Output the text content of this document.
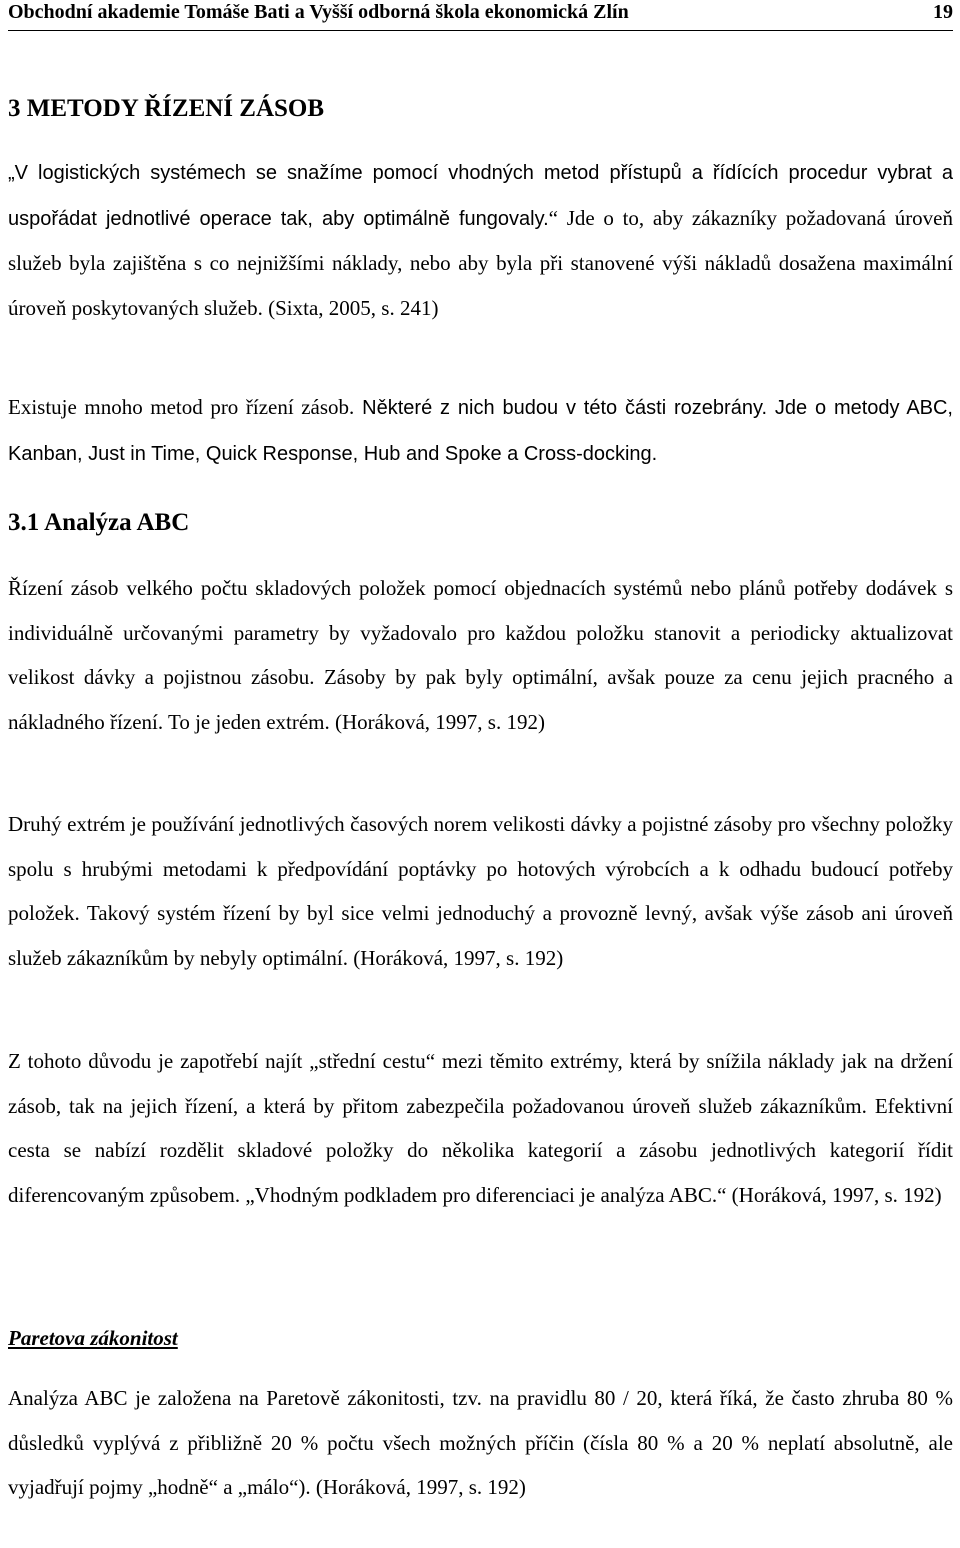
Obchodní akademie Tomáše Bati a Vyšší odborná škola ekonomická Zlín	19
3 METODY ŘÍZENÍ ZÁSOB

„V logistických systémech se snažíme pomocí vhodných metod přístupů a řídících procedur vybrat a uspořádat jednotlivé operace tak, aby optimálně fungovaly.“ Jde o to, aby zákazníky požadovaná úroveň služeb byla zajištěna s co nejnižšími náklady, nebo aby byla při stanovené výši nákladů dosažena maximální úroveň poskytovaných služeb. (Sixta, 2005, s. 241)

Existuje mnoho metod pro řízení zásob. Některé z nich budou v této části rozebrány. Jde o metody ABC, Kanban, Just in Time, Quick Response, Hub and Spoke a Cross-docking.

3.1 Analýza ABC

Řízení zásob velkého počtu skladových položek pomocí objednacích systémů nebo plánů potřeby dodávek s individuálně určovanými parametry by vyžadovalo pro každou položku stanovit a periodicky aktualizovat velikost dávky a pojistnou zásobu. Zásoby by pak byly optimální, avšak pouze za cenu jejich pracného a nákladného řízení. To je jeden extrém. (Horáková, 1997, s. 192)

Druhý extrém je používání jednotlivých časových norem velikosti dávky a pojistné zásoby pro všechny položky spolu s hrubými metodami k předpovídání poptávky po hotových výrobcích a k odhadu budoucí potřeby položek. Takový systém řízení by byl sice velmi jednoduchý a provozně levný, avšak výše zásob ani úroveň služeb zákazníkům by nebyly optimální. (Horáková, 1997, s. 192)

Z tohoto důvodu je zapotřebí najít „střední cestu“ mezi těmito extrémy, která by snížila náklady jak na držení zásob, tak na jejich řízení, a která by přitom zabezpečila požadovanou úroveň služeb zákazníkům. Efektivní cesta se nabízí rozdělit skladové položky do několika kategorií a zásobu jednotlivých kategorií řídit diferencovaným způsobem. „Vhodným podkladem pro diferenciaci je analýza ABC.“ (Horáková, 1997, s. 192)

Paretova zákonitost

Analýza ABC je založena na Paretově zákonitosti, tzv. na pravidlu 80 / 20, která říká, že často zhruba 80 % důsledků vyplývá z přibližně 20 % počtu všech možných příčin (čísla 80 % a 20 % neplatí absolutně, ale vyjadřují pojmy „hodně“ a „málo“). (Horáková, 1997, s. 192)
